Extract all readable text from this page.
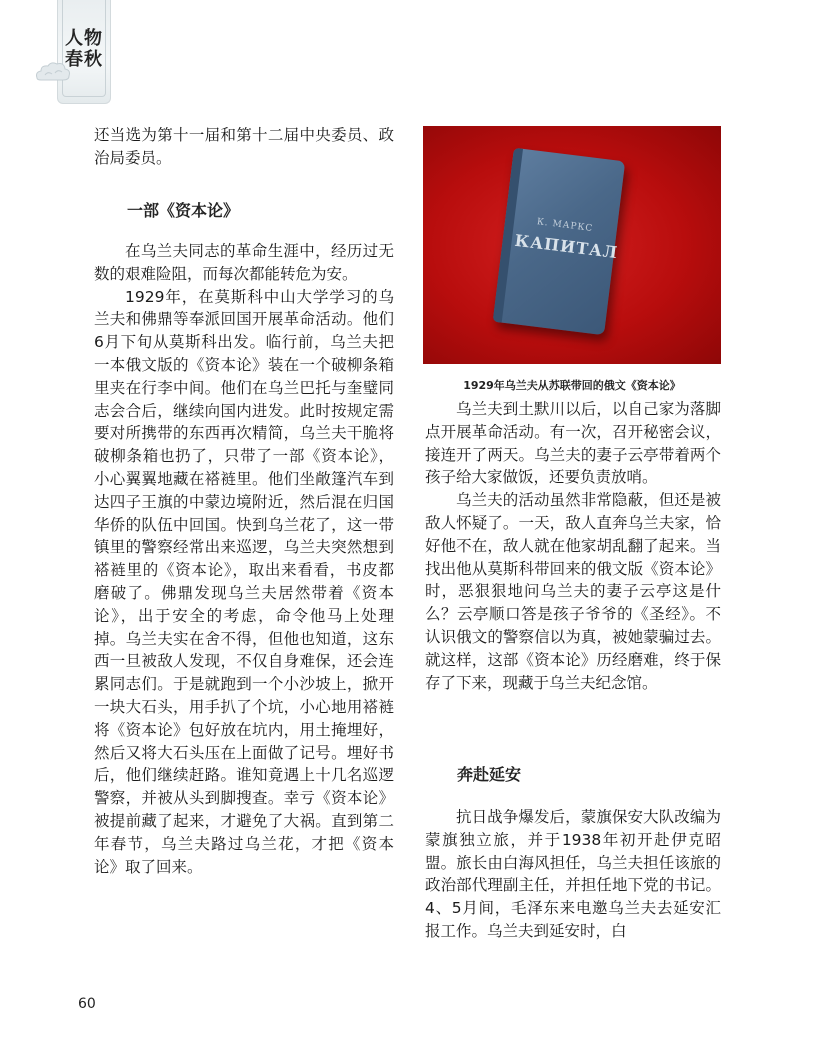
人物
春秋

还当选为第十一届和第十二届中央委员、政治局委员。

一部《资本论》

在乌兰夫同志的革命生涯中，经历过无数的艰难险阻，而每次都能转危为安。

1929年，在莫斯科中山大学学习的乌兰夫和佛鼎等奉派回国开展革命活动。他们6月下旬从莫斯科出发。临行前，乌兰夫把一本俄文版的《资本论》装在一个破柳条箱里夹在行李中间。他们在乌兰巴托与奎璧同志会合后，继续向国内进发。此时按规定需要对所携带的东西再次精简，乌兰夫干脆将破柳条箱也扔了，只带了一部《资本论》，小心翼翼地藏在褡裢里。他们坐敞篷汽车到达四子王旗的中蒙边境附近，然后混在归国华侨的队伍中回国。快到乌兰花了，这一带镇里的警察经常出来巡逻，乌兰夫突然想到褡裢里的《资本论》，取出来看看，书皮都磨破了。佛鼎发现乌兰夫居然带着《资本论》，出于安全的考虑，命令他马上处理掉。乌兰夫实在舍不得，但他也知道，这东西一旦被敌人发现，不仅自身难保，还会连累同志们。于是就跑到一个小沙坡上，掀开一块大石头，用手扒了个坑，小心地用褡裢将《资本论》包好放在坑内，用土掩埋好，然后又将大石头压在上面做了记号。埋好书后，他们继续赶路。谁知竟遇上十几名巡逻警察，并被从头到脚搜查。幸亏《资本论》被提前藏了起来，才避免了大祸。直到第二年春节，乌兰夫路过乌兰花，才把《资本论》取了回来。

К. МАРКС
КАПИТАЛ
1929年乌兰夫从苏联带回的俄文《资本论》

乌兰夫到土默川以后，以自己家为落脚点开展革命活动。有一次，召开秘密会议，接连开了两天。乌兰夫的妻子云亭带着两个孩子给大家做饭，还要负责放哨。

乌兰夫的活动虽然非常隐蔽，但还是被敌人怀疑了。一天，敌人直奔乌兰夫家，恰好他不在，敌人就在他家胡乱翻了起来。当找出他从莫斯科带回来的俄文版《资本论》时，恶狠狠地问乌兰夫的妻子云亭这是什么？云亭顺口答是孩子爷爷的《圣经》。不认识俄文的警察信以为真，被她蒙骗过去。就这样，这部《资本论》历经磨难，终于保存了下来，现藏于乌兰夫纪念馆。

奔赴延安

抗日战争爆发后，蒙旗保安大队改编为蒙旗独立旅，并于1938年初开赴伊克昭盟。旅长由白海风担任，乌兰夫担任该旅的政治部代理副主任，并担任地下党的书记。4、5月间，毛泽东来电邀乌兰夫去延安汇报工作。乌兰夫到延安时，白

60
